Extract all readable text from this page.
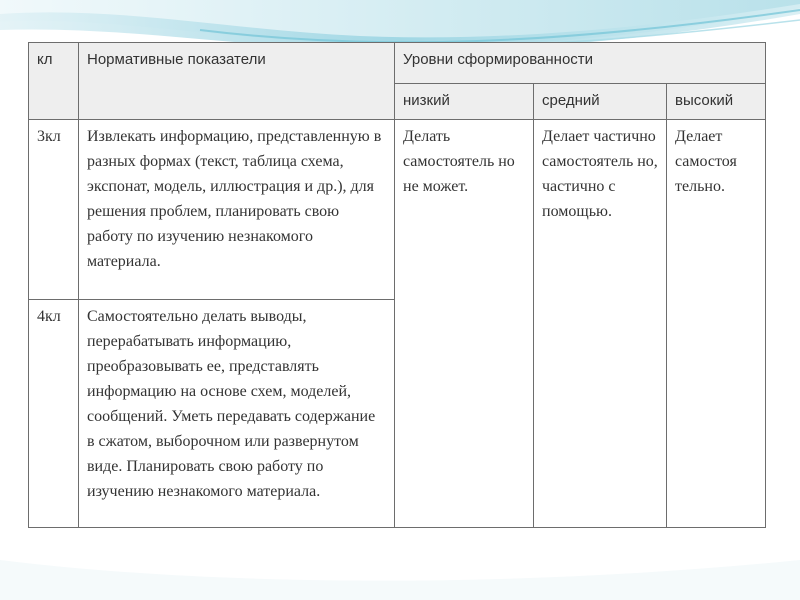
кл	Нормативные показатели	Уровни сформированности		
		низкий	средний	высокий
3кл	Извлекать информацию, представленную в разных формах (текст, таблица схема, экспонат, модель, иллюстрация и др.), для решения проблем, планировать свою работу по изучению незнакомого материала.	Делать самостоятель но не может.	Делает частично самостоятель но, частично с помощью.	Делает самостоя тельно.
4кл	Самостоятельно делать выводы, перерабатывать информацию, преобразовывать ее, представлять информацию на основе схем, моделей, сообщений. Уметь передавать содержание в сжатом, выборочном или развернутом виде. Планировать свою работу по изучению незнакомого материала.			
